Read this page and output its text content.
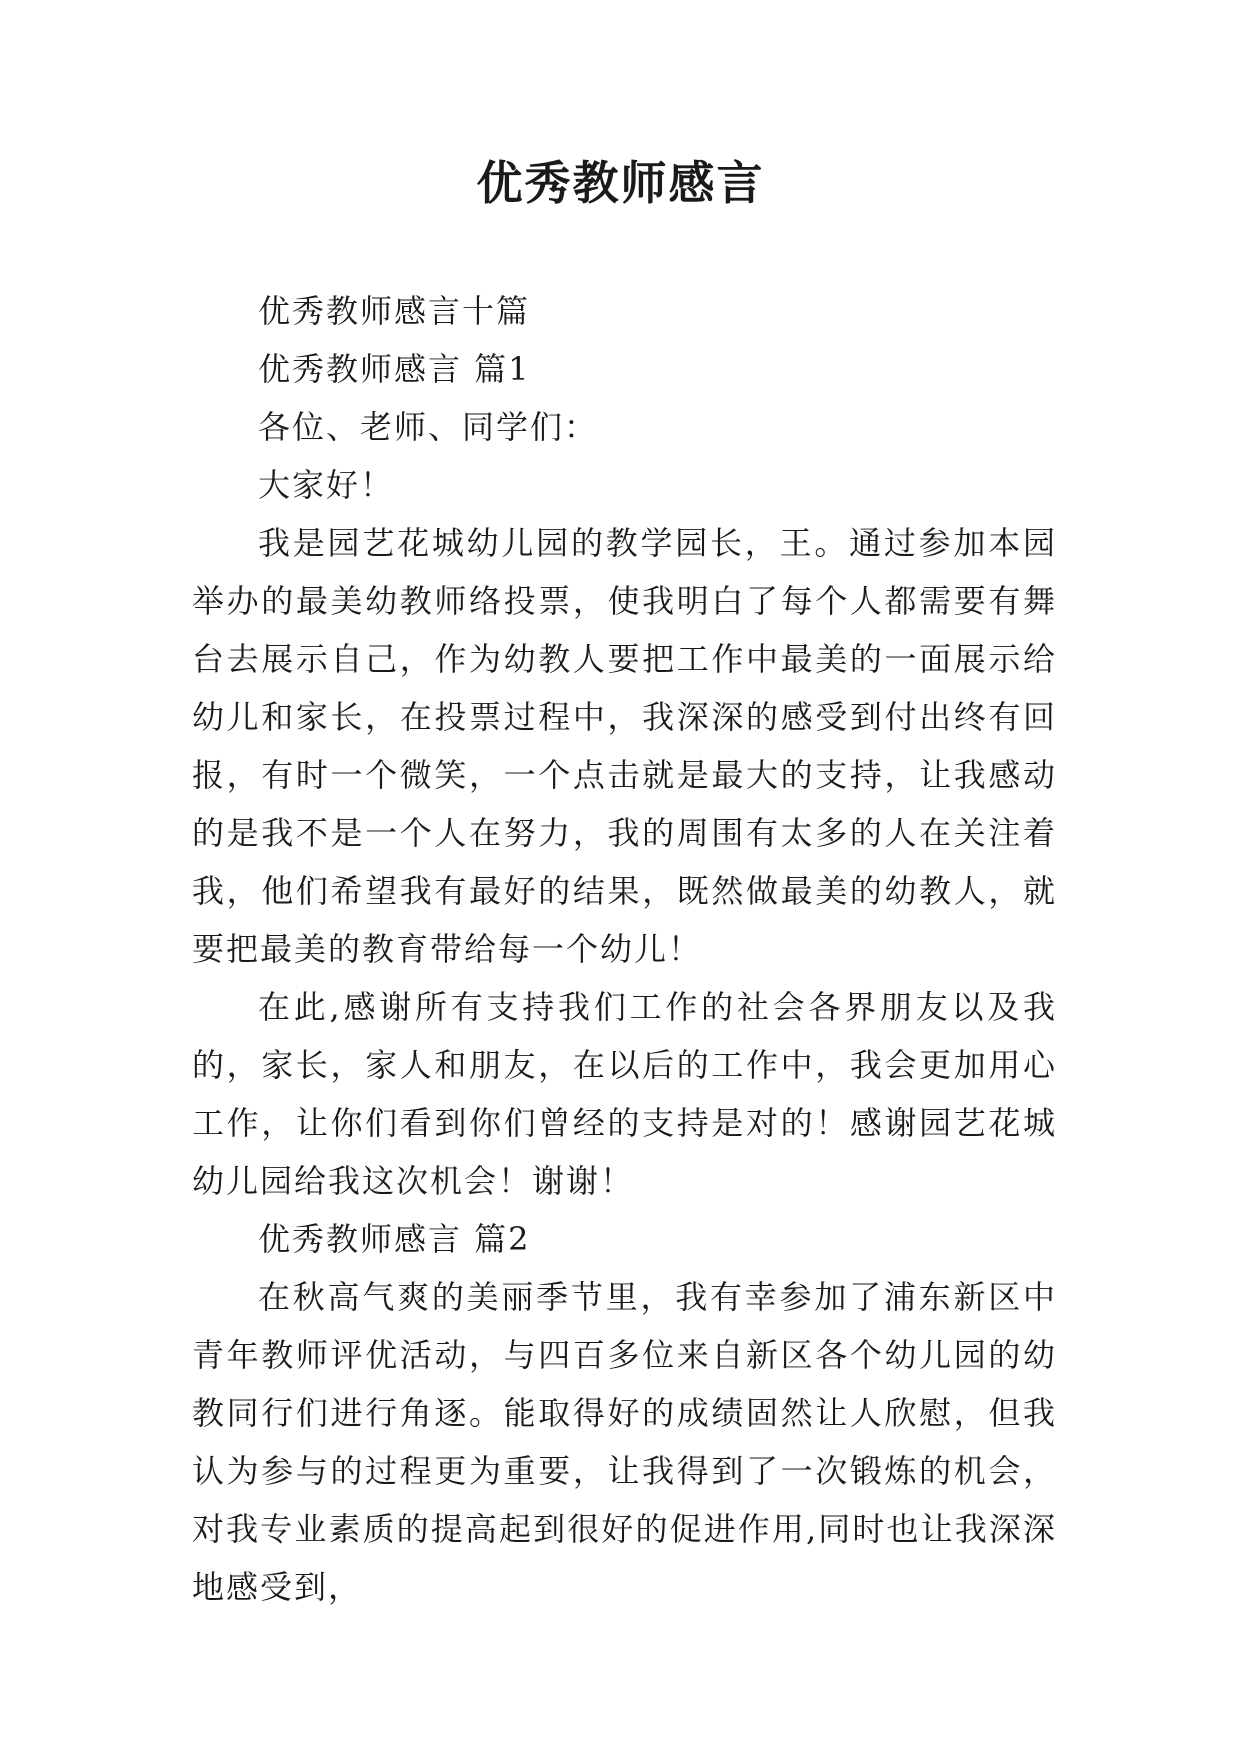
优秀教师感言

优秀教师感言十篇

优秀教师感言 篇1

各位、老师、同学们：

大家好！

我是园艺花城幼儿园的教学园长，王。通过参加本园举办的最美幼教师络投票，使我明白了每个人都需要有舞台去展示自己，作为幼教人要把工作中最美的一面展示给幼儿和家长，在投票过程中，我深深的感受到付出终有回报，有时一个微笑，一个点击就是最大的支持，让我感动的是我不是一个人在努力，我的周围有太多的人在关注着我，他们希望我有最好的结果，既然做最美的幼教人，就要把最美的教育带给每一个幼儿！

在此,感谢所有支持我们工作的社会各界朋友以及我的，家长，家人和朋友，在以后的工作中，我会更加用心工作，让你们看到你们曾经的支持是对的！感谢园艺花城幼儿园给我这次机会！谢谢！

优秀教师感言 篇2

在秋高气爽的美丽季节里，我有幸参加了浦东新区中青年教师评优活动，与四百多位来自新区各个幼儿园的幼教同行们进行角逐。能取得好的成绩固然让人欣慰，但我认为参与的过程更为重要，让我得到了一次锻炼的机会，对我专业素质的提高起到很好的促进作用,同时也让我深深地感受到，
